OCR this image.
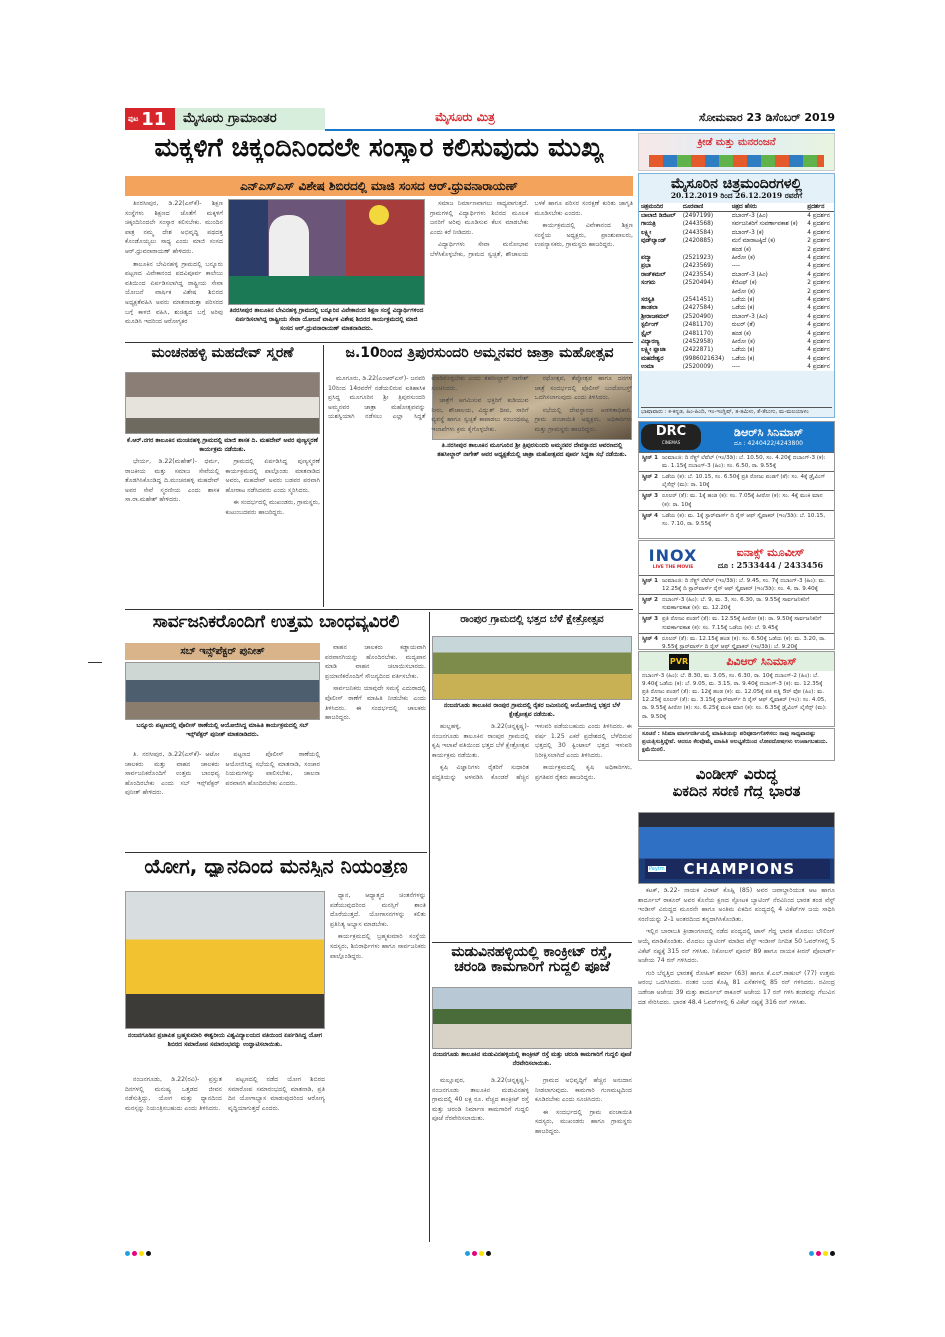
ಪುಟ 11	ಮೈಸೂರು ಗ್ರಾಮಾಂತರ	ಮೈಸೂರು ಮಿತ್ರ	ಸೋಮವಾರ 23 ಡಿಸೆಂಬರ್ 2019
ಮಕ್ಕಳಿಗೆ ಚಿಕ್ಕಂದಿನಿಂದಲೇ ಸಂಸ್ಕಾರ ಕಲಿಸುವುದು ಮುಖ್ಯ
ಎನ್‌ಎಸ್‌ಎಸ್ ವಿಶೇಷ ಶಿಬಿರದಲ್ಲಿ ಮಾಜಿ ಸಂಸದ ಆರ್.ಧ್ರುವನಾರಾಯಣ್

ತಿನರಸೀಪುರ, ಡಿ.22(ಎಸ್‌ಕೆ)- ಶಿಕ್ಷಣ ಸಂಸ್ಥೆಗಳು ಶಿಕ್ಷಣದ ಜೊತೆಗೆ ಮಕ್ಕಳಿಗೆ ಚಿಕ್ಕಂದಿನಿಂದಲೇ ಸಂಸ್ಕಾರ ಕಲಿಸಬೇಕು. ಮುಂದಿನ ಪಾತ್ರ ನಮ್ಮ ದೇಶ ಅಭಿವೃದ್ಧಿ ಪಥದತ್ತ ಕೊಂಡೊಯ್ಯಲು ಸಾಧ್ಯ ಎಂದು ಮಾಜಿ ಸಂಸದ ಆರ್.ಧ್ರುವನಾರಾಯಣ್ ಹೇಳಿದರು.

ತಾಲೂಕಿನ ಬೇವಿನಹಳ್ಳಿ ಗ್ರಾಮದಲ್ಲಿ ಬನ್ನೂರು ಪಟ್ಟಣದ ವಿವೇಕಾನಂದ ಪದವಿಪೂರ್ವ ಕಾಲೇಜು ವತಿಯಿಂದ ಏರ್ಪಡಿಸಲಾಗಿದ್ದ ರಾಷ್ಟ್ರೀಯ ಸೇವಾ ಯೋಜನೆ ವಾರ್ಷಿಕ ವಿಶೇಷ ಶಿಬಿರದ ಅಧ್ಯಕ್ಷತೆವಹಿಸಿ ಅವರು ಮಾತನಾಡುತ್ತಾ ಪರಿಸರದ ಬಗ್ಗೆ ಕಾಳಜಿ ವಹಿಸಿ, ಶುಚಿತ್ವದ ಬಗ್ಗೆ ಅರಿವು ಮೂಡಿಸಿ ಇದರಿಂದ ಆರೋಗ್ಯಕರ

ತಿನರಸೀಪುರ ತಾಲೂಕಿನ ಬೇವಿನಹಳ್ಳಿ ಗ್ರಾಮದಲ್ಲಿ ಬನ್ನೂರಿನ ವಿವೇಕಾನಂದ ಶಿಕ್ಷಣ ಸಂಸ್ಥೆ ವಿದ್ಯಾರ್ಥಿಗಳಿಂದ ಏರ್ಪಡಿಸಲಾಗಿದ್ದ ರಾಷ್ಟ್ರೀಯ ಸೇವಾ ಯೋಜನೆ ವಾರ್ಷಿಕ ವಿಶೇಷ ಶಿಬಿರದ ಕಾರ್ಯಕ್ರಮದಲ್ಲಿ ಮಾಜಿ ಸಂಸದ ಆರ್.ಧ್ರುವನಾರಾಯಣ್ ಮಾತನಾಡಿದರು.

ಸಮಾಜ ನಿರ್ಮಾಣವಾಗಲು ಸಾಧ್ಯವಾಗುತ್ತದೆ. ಗ್ರಾಮಗಳಲ್ಲಿ ವಿದ್ಯಾರ್ಥಿಗಳು ಶಿಬಿರದ ಮೂಲಕ ಜನರಿಗೆ ಅರಿವು ಮೂಡಿಸುವ ಕೆಲಸ ಮಾಡಬೇಕು ಎಂದು ಕರೆ ನೀಡಿದರು.

ವಿದ್ಯಾರ್ಥಿಗಳು ಸೇವಾ ಮನೋಭಾವ ಬೆಳೆಸಿಕೊಳ್ಳಬೇಕು, ಗ್ರಾಮದ ಸ್ವಚ್ಛತೆ, ಶೌಚಾಲಯ ಬಳಕೆ ಹಾಗೂ ಪರಿಸರ ಸಂರಕ್ಷಣೆ ಕುರಿತು ಜಾಗೃತಿ ಮೂಡಿಸಬೇಕು ಎಂದರು.

ಕಾರ್ಯಕ್ರಮದಲ್ಲಿ ವಿವೇಕಾನಂದ ಶಿಕ್ಷಣ ಸಂಸ್ಥೆಯ ಅಧ್ಯಕ್ಷರು, ಪ್ರಾಂಶುಪಾಲರು, ಉಪನ್ಯಾಸಕರು, ಗ್ರಾಮಸ್ಥರು ಹಾಜರಿದ್ದರು.

ಮಂಚನಹಳ್ಳಿ ಮಹದೇವ್ ಸ್ಮರಣೆ
ಕೆ.ಆರ್.ನಗರ ತಾಲೂಕಿನ ಮಂಚನಹಳ್ಳಿ ಗ್ರಾಮದಲ್ಲಿ ಮಾಜಿ ಶಾಸಕ ದಿ. ಮಹದೇವ್ ಅವರ ಪುಣ್ಯಸ್ಮರಣೆ ಕಾರ್ಯಕ್ರಮ ನಡೆಯಿತು.

ಭೇರ್ಯ, ಡಿ.22(ಮಹೇಶ್)- ಧರ್ಮ, ರಾಜಕೀಯ ಮತ್ತು ಸಮಾಜ ಸೇವೆಯಲ್ಲಿ ತೊಡಗಿಸಿಕೊಂಡಿದ್ದ ದಿ.ಮಂಚನಹಳ್ಳಿ ಮಹದೇವ್ ಅವರ ಸೇವೆ ಸ್ಮರಣೀಯ ಎಂದು ಶಾಸಕ ಸಾ.ರಾ.ಮಹೇಶ್ ಹೇಳಿದರು.

ಗ್ರಾಮದಲ್ಲಿ ಏರ್ಪಡಿಸಿದ್ದ ಪುಣ್ಯಸ್ಮರಣೆ ಕಾರ್ಯಕ್ರಮದಲ್ಲಿ ಪಾಲ್ಗೊಂಡು ಮಾತನಾಡಿದ ಅವರು, ಮಹದೇವ್ ಅವರು ಬಡವರ ಪರವಾಗಿ ಹೋರಾಟ ನಡೆಸಿದವರು ಎಂದು ಸ್ಮರಿಸಿದರು.

ಈ ಸಂದರ್ಭದಲ್ಲಿ ಮುಖಂಡರು, ಗ್ರಾಮಸ್ಥರು, ಕುಟುಂಬದವರು ಹಾಜರಿದ್ದರು.

ಜ.10ರಿಂದ ತ್ರಿಪುರಸುಂದರಿ ಅಮ್ಮನವರ ಜಾತ್ರಾ ಮಹೋತ್ಸವ
ತಿ.ನರಸೀಪುರ ತಾಲೂಕಿನ ಮೂಗೂರಿನ ಶ್ರೀ ತ್ರಿಪುರಸುಂದರಿ ಅಮ್ಮನವರ ದೇವಸ್ಥಾನದ ಆವರಣದಲ್ಲಿ ತಹಸೀಲ್ದಾರ್ ನಾಗೇಶ್ ಅವರ ಅಧ್ಯಕ್ಷತೆಯಲ್ಲಿ ಜಾತ್ರಾ ಮಹೋತ್ಸವದ ಪೂರ್ವ ಸಿದ್ಧತಾ ಸಭೆ ನಡೆಯಿತು.

ಮೂಗೂರು, ಡಿ.22(ಎಂಆರ್‌ಎಸ್)- ಜನವರಿ 10ರಿಂದ 14ರವರೆಗೆ ನಡೆಯಲಿರುವ ಐತಿಹಾಸಿಕ ಪ್ರಸಿದ್ಧ ಮೂಗೂರಿನ ಶ್ರೀ ತ್ರಿಪುರಸುಂದರಿ ಅಮ್ಮನವರ ಜಾತ್ರಾ ಮಹೋತ್ಸವವನ್ನು ಯಶಸ್ವಿಯಾಗಿ ನಡೆಸಲು ಎಲ್ಲಾ ಸಿದ್ಧತೆ ಮಾಡಿಕೊಳ್ಳಬೇಕು ಎಂದು ತಹಸೀಲ್ದಾರ್ ನಾಗೇಶ್ ಸೂಚಿಸಿದರು.

ಜಾತ್ರೆಗೆ ಆಗಮಿಸುವ ಭಕ್ತರಿಗೆ ಕುಡಿಯುವ ನೀರು, ಶೌಚಾಲಯ, ವಿದ್ಯುತ್ ದೀಪ, ಸಾರಿಗೆ ವ್ಯವಸ್ಥೆ ಹಾಗೂ ಸ್ವಚ್ಛತೆ ಕಾಪಾಡಲು ಸಂಬಂಧಪಟ್ಟ ಇಲಾಖೆಗಳು ಕ್ರಮ ಕೈಗೊಳ್ಳಬೇಕು.

ರಥೋತ್ಸವ, ತೆಪ್ಪೋತ್ಸವ ಹಾಗೂ ದನಗಳ ಜಾತ್ರೆ ಸಂದರ್ಭದಲ್ಲಿ ಪೊಲೀಸ್ ಬಂದೋಬಸ್ತ್ ಒದಗಿಸಲಾಗುವುದು ಎಂದು ತಿಳಿಸಿದರು.

ಸಭೆಯಲ್ಲಿ ದೇವಸ್ಥಾನದ ಆಡಳಿತಾಧಿಕಾರಿ, ಗ್ರಾಮ ಪಂಚಾಯಿತಿ ಅಧ್ಯಕ್ಷರು, ಅಧಿಕಾರಿಗಳು ಮತ್ತು ಗ್ರಾಮಸ್ಥರು ಹಾಜರಿದ್ದರು.

ಸಾರ್ವಜನಿಕರೊಂದಿಗೆ ಉತ್ತಮ ಬಾಂಧವ್ಯವಿರಲಿ
ಸಬ್ ಇನ್ಸ್‌ಪೆಕ್ಟರ್ ಪುನೀತ್
ಬನ್ನೂರು ಪಟ್ಟಣದಲ್ಲಿ ಪೊಲೀಸ್ ಠಾಣೆಯಲ್ಲಿ ಆಯೋಜಿಸಿದ್ದ ಮಾಹಿತಿ ಕಾರ್ಯಕ್ರಮದಲ್ಲಿ ಸಬ್ ಇನ್ಸ್‌ಪೆಕ್ಟರ್ ಪುನೀತ್ ಮಾತನಾಡಿದರು.

ತಿ. ನರಸೀಪುರ, ಡಿ.22(ಎಸ್‌ಕೆ)- ಆಟೋ ಚಾಲಕರು ಮತ್ತು ವಾಹನ ಚಾಲಕರು ಸಾರ್ವಜನಿಕರೊಂದಿಗೆ ಉತ್ತಮ ಬಾಂಧವ್ಯ ಹೊಂದಿರಬೇಕು ಎಂದು ಸಬ್ ಇನ್ಸ್‌ಪೆಕ್ಟರ್ ಪುನೀತ್ ಹೇಳಿದರು.

ಪಟ್ಟಣದ ಪೊಲೀಸ್ ಠಾಣೆಯಲ್ಲಿ ಆಯೋಜಿಸಿದ್ದ ಸಭೆಯಲ್ಲಿ ಮಾತನಾಡಿ, ಸಂಚಾರ ನಿಯಮಗಳನ್ನು ಪಾಲಿಸಬೇಕು, ಚಾಲನಾ ಪರವಾನಗಿ ಹೊಂದಿರಬೇಕು ಎಂದರು.

ವಾಹನ ಚಾಲಕರು ಕಡ್ಡಾಯವಾಗಿ ಪರವಾನಗಿಯನ್ನು ಹೊಂದಿರಬೇಕು. ಮದ್ಯಪಾನ ಮಾಡಿ ವಾಹನ ಚಲಾಯಿಸಬಾರದು. ಪ್ರಯಾಣಿಕರೊಂದಿಗೆ ಸೌಜನ್ಯದಿಂದ ವರ್ತಿಸಬೇಕು.

ಸಾರ್ವಜನಿಕರು ಯಾವುದೇ ಸಮಸ್ಯೆ ಎದುರಾದಲ್ಲಿ ಪೊಲೀಸ್ ಠಾಣೆಗೆ ಮಾಹಿತಿ ನೀಡಬೇಕು ಎಂದು ತಿಳಿಸಿದರು. ಈ ಸಂದರ್ಭದಲ್ಲಿ ಚಾಲಕರು ಹಾಜರಿದ್ದರು.

ರಾಂಪುರ ಗ್ರಾಮದಲ್ಲಿ ಭತ್ತದ ಬೆಳೆ ಕ್ಷೇತ್ರೋತ್ಸವ
ನಂಜನಗೂಡು ತಾಲೂಕಿನ ರಾಂಪುರ ಗ್ರಾಮದಲ್ಲಿ ರೈತರ ಜಮೀನಿನಲ್ಲಿ ಆಯೋಜಿಸಿದ್ದ ಭತ್ತದ ಬೆಳೆ ಕ್ಷೇತ್ರೋತ್ಸವ ನಡೆಯಿತು.

ಹುಲ್ಲಹಳ್ಳಿ, ಡಿ.22(ಚನ್ನಕೃಷ್ಣ)- ನಂಜನಗೂಡು ತಾಲೂಕಿನ ರಾಂಪುರ ಗ್ರಾಮದಲ್ಲಿ ಕೃಷಿ ಇಲಾಖೆ ವತಿಯಿಂದ ಭತ್ತದ ಬೆಳೆ ಕ್ಷೇತ್ರೋತ್ಸವ ಕಾರ್ಯಕ್ರಮ ನಡೆಯಿತು.

ಕೃಷಿ ವಿಜ್ಞಾನಿಗಳು ರೈತರಿಗೆ ಸುಧಾರಿತ ಪದ್ಧತಿಯನ್ನು ಅಳವಡಿಸಿ ಕೊಂಡರೆ ಹೆಚ್ಚಿನ ಇಳುವರಿ ಪಡೆಯಬಹುದು ಎಂದು ತಿಳಿಸಿದರು. ಈ ವರ್ಷ 1.25 ಎಕರೆ ಪ್ರದೇಶದಲ್ಲಿ ಬೆಳೆದಿರುವ ಭತ್ತದಲ್ಲಿ 30 ಕ್ವಿಂಟಾಲ್ ಭತ್ತದ ಇಳುವರಿ ನಿರೀಕ್ಷಿಸಲಾಗಿದೆ ಎಂದು ತಿಳಿಸಿದರು.

ಕಾರ್ಯಕ್ರಮದಲ್ಲಿ ಕೃಷಿ ಅಧಿಕಾರಿಗಳು, ಪ್ರಗತಿಪರ ರೈತರು ಹಾಜರಿದ್ದರು.

ಯೋಗ, ಧ್ಯಾನದಿಂದ ಮನಸ್ಸಿನ ನಿಯಂತ್ರಣ
ನಂಜನಗೂಡಿನ ಪ್ರಜಾಪಿತ ಬ್ರಹ್ಮಕುಮಾರಿ ಈಶ್ವರೀಯ ವಿಶ್ವವಿದ್ಯಾಲಯದ ವತಿಯಿಂದ ಏರ್ಪಡಿಸಿದ್ದ ಯೋಗ ಶಿಬಿರದ ಸಮಾರೋಪ ಸಮಾರಂಭವನ್ನು ಉದ್ಘಾಟಿಸಲಾಯಿತು.

ನಂಜನಗೂಡು, ಡಿ.22(ರವಿ)- ಪ್ರಸ್ತುತ ದಿನಗಳಲ್ಲಿ ಮನುಷ್ಯ ಒತ್ತಡದ ಜೀವನ ನಡೆಸುತ್ತಿದ್ದು, ಯೋಗ ಮತ್ತು ಧ್ಯಾನದಿಂದ ಮನಸ್ಸನ್ನು ನಿಯಂತ್ರಿಸಬಹುದು ಎಂದು ತಿಳಿಸಿದರು.

ಪಟ್ಟಣದಲ್ಲಿ ನಡೆದ ಯೋಗ ಶಿಬಿರದ ಸಮಾರೋಪ ಸಮಾರಂಭದಲ್ಲಿ ಮಾತನಾಡಿ, ಪ್ರತಿ ದಿನ ಯೋಗಾಭ್ಯಾಸ ಮಾಡುವುದರಿಂದ ಆರೋಗ್ಯ ವೃದ್ಧಿಯಾಗುತ್ತದೆ ಎಂದರು.

ಧ್ಯಾನ, ಆಧ್ಯಾತ್ಮದ ಚಿಂತನೆಗಳನ್ನು ಪಡೆಯುವುದರಿಂದ ಮನಸ್ಸಿಗೆ ಶಾಂತಿ ದೊರೆಯುತ್ತದೆ. ಯೋಗಾಸನಗಳನ್ನು ಕಲಿತು ಪ್ರತಿನಿತ್ಯ ಅಭ್ಯಾಸ ಮಾಡಬೇಕು.

ಕಾರ್ಯಕ್ರಮದಲ್ಲಿ ಬ್ರಹ್ಮಕುಮಾರಿ ಸಂಸ್ಥೆಯ ಸದಸ್ಯರು, ಶಿಬಿರಾರ್ಥಿಗಳು ಹಾಗೂ ಸಾರ್ವಜನಿಕರು ಪಾಲ್ಗೊಂಡಿದ್ದರು.	ಮಡುವಿನಹಳ್ಳಿಯಲ್ಲಿ ಕಾಂಕ್ರೀಟ್ ರಸ್ತೆ,
ಚರಂಡಿ ಕಾಮಗಾರಿಗೆ ಗುದ್ದಲಿ ಪೂಜೆ
ನಂಜನಗೂಡು ತಾಲೂಕಿನ ಮಡುವಿನಹಳ್ಳಿಯಲ್ಲಿ ಕಾಂಕ್ರೀಟ್ ರಸ್ತೆ ಮತ್ತು ಚರಂಡಿ ಕಾಮಗಾರಿಗೆ ಗುದ್ದಲಿ ಪೂಜೆ ನೆರವೇರಿಸಲಾಯಿತು.

ಮಲ್ಲೂಪುರ, ಡಿ.22(ಚನ್ನಕೃಷ್ಣ)- ನಂಜನಗೂಡು ತಾಲೂಕಿನ ಮಡುವಿನಹಳ್ಳಿ ಗ್ರಾಮದಲ್ಲಿ 40 ಲಕ್ಷ ರೂ. ವೆಚ್ಚದ ಕಾಂಕ್ರೀಟ್ ರಸ್ತೆ ಮತ್ತು ಚರಂಡಿ ನಿರ್ಮಾಣ ಕಾಮಗಾರಿಗೆ ಗುದ್ದಲಿ ಪೂಜೆ ನೆರವೇರಿಸಲಾಯಿತು.

ಗ್ರಾಮದ ಅಭಿವೃದ್ಧಿಗೆ ಹೆಚ್ಚಿನ ಅನುದಾನ ನೀಡಲಾಗುವುದು. ಕಾಮಗಾರಿ ಗುಣಮಟ್ಟದಿಂದ ಕೂಡಿರಬೇಕು ಎಂದು ಸೂಚಿಸಿದರು.

ಈ ಸಂದರ್ಭದಲ್ಲಿ ಗ್ರಾಮ ಪಂಚಾಯಿತಿ ಸದಸ್ಯರು, ಮುಖಂಡರು ಹಾಗೂ ಗ್ರಾಮಸ್ಥರು ಹಾಜರಿದ್ದರು.

ಕ್ರೀಡೆ ಮತ್ತು ಮನರಂಜನೆ
ಮೈಸೂರಿನ ಚಿತ್ರಮಂದಿರಗಳಲ್ಲಿ
20.12.2019 ರಿಂದ 26.12.2019 ರವರೆಗೆ
ಚಿತ್ರಮಂದಿರ	ದೂರವಾಣಿ	ಚಿತ್ರದ ಹೆಸರು	ಪ್ರದರ್ಶನ
ಬಾಲಾಜಿ ಡಿಜಿಟಲ್	(2497199)	ದಬಾಂಗ್-3 (ಹಿಂ)	4 ಪ್ರದರ್ಶನ
ಗಾಯತ್ರಿ	(2443568)	ಸರ್ವಜನಿಕರಿಗೆ ಸುವರ್ಣಾವಕಾಶ (ಕ)	4 ಪ್ರದರ್ಶನ
ಲಕ್ಷ್ಮೀ	(2443584)	ದಬಾಂಗ್-3 (ಕ)	4 ಪ್ರದರ್ಶನ
ವುಡ್‌ಲ್ಯಾಂಡ್	(2420885)	ಮನೆ ಮಾರಾಟಕ್ಕಿದೆ (ಕ)	2 ಪ್ರದರ್ಶನ
		ಹಂಡ (ಕ)	2 ಪ್ರದರ್ಶನ
ಪದ್ಮಾ	(2521923)	ಹೀರೋ (ಕ)	4 ಪ್ರದರ್ಶನ
ಪ್ರಭಾ	(2423569)	----	4 ಪ್ರದರ್ಶನ
ರಾಜ್‌ಕಮಲ್	(2423554)	ದಬಾಂಗ್-3 (ಹಿಂ)	4 ಪ್ರದರ್ಶನ
ಸಂಗಮ	(2520494)	ಕೆಜಿಎಫ್ (ಕ)	2 ಪ್ರದರ್ಶನ
		ಹೀರೋ (ಕ)	2 ಪ್ರದರ್ಶನ
ಸರಸ್ವತಿ	(2541451)	ಒಡೆಯ (ಕ)	4 ಪ್ರದರ್ಶನ
ಶಾಂತಲಾ	(2427584)	ಒಡೆಯ (ಕ)	4 ಪ್ರದರ್ಶನ
ಶ್ರೀರಾಜಕಮಲ್	(2520490)	ದಬಾಂಗ್-3 (ಹಿಂ)	4 ಪ್ರದರ್ಶನ
ಸ್ಟರ್ಲಿಂಗ್	(2481170)	ರುಲರ್ (ತೆ)	4 ಪ್ರದರ್ಶನ
ಸ್ಟೈಲ್	(2481170)	ಹಂಡ (ಕ)	4 ಪ್ರದರ್ಶನ
ವಿದ್ಯಾರಣ್ಯ	(2452958)	ಹೀರೋ (ಕ)	4 ಪ್ರದರ್ಶನ
ಲಕ್ಷ್ಮೀ ಪ್ಲಾಜಾ	(2422871)	ಒಡೆಯ (ಕ)	4 ಪ್ರದರ್ಶನ
ಮಹದೇಶ್ವರ	(9986021634)	ಒಡೆಯ (ಕ)	4 ಪ್ರದರ್ಶನ
ಉಮಾ	(2520009)	----	4 ಪ್ರದರ್ಶನ
ಭಾಷಾವಾರು : ಕ-ಕನ್ನಡ, ಹಿಂ-ಹಿಂದಿ, ಇಂ-ಇಂಗ್ಲಿಷ್, ತ-ತಮಿಳು, ತೆ-ತೆಲುಗು, ಮ-ಮಲಯಾಳಂ
DRC
CINEMAS
ಡಿಆರ್‌ಸಿ ಸಿನಿಮಾಸ್
ದೂ : 4240422/4243800
ಸ್ಕ್ರೀನ್ 1 ಜುಮಾಂಜಿ: ದಿ ನೆಕ್ಸ್ಟ್ ಲೆವೆಲ್ (ಇಂ/3ಡಿ): ಬೆ. 10.50, ಸಂ. 4.20ಕ್ಕೆ ದಬಾಂಗ್-3 (ಕ): ಮ. 1.15ಕ್ಕೆ ದಬಾಂಗ್-3 (ಹಿಂ): ಸಂ. 6.50, ರಾ. 9.55ಕ್ಕೆ
ಸ್ಕ್ರೀನ್ 2 ಒಡೆಯ (ಕ): ಬೆ. 10.15, ಸಂ. 6.50ಕ್ಕೆ ಪ್ರತಿ ರೋಜು ಪಂಡಗೆ (ತೆ): ಸಂ. 4ಕ್ಕೆ ಡ್ರೈವಿಂಗ್ ಲೈಸೆನ್ಸ್ (ಮ): ರಾ. 10ಕ್ಕೆ
ಸ್ಕ್ರೀನ್ 3 ರೂಲರ್ (ತೆ): ಮ. 1ಕ್ಕೆ ಹಂಡ (ಕ): ಸಂ. 7.05ಕ್ಕೆ ಹೀರೋ (ಕ): ಸಂ. 4ಕ್ಕೆ ಮಂಕಿ ಮಾನ (ಕ): ರಾ. 10ಕ್ಕೆ
ಸ್ಕ್ರೀನ್ 4 ಒಡೆಯ (ಕ): ಮ. 1ಕ್ಕೆ ಸ್ಟಾರ್‌ವಾರ್ಸ್ ದಿ ರೈಸ್ ಆಫ್ ಸ್ಕೈವಾಕರ್ (ಇಂ/3ಡಿ): ಬೆ. 10.15, ಸಂ. 7.10, ರಾ. 9.55ಕ್ಕೆ
INOX
LIVE THE MOVIE
ಐನಾಕ್ಸ್ ಮೂವೀಸ್
ದೂ : 2533444 / 2433456
ಸ್ಕ್ರೀನ್ 1 ಜುಮಾಂಜಿ: ದಿ ನೆಕ್ಸ್ಟ್ ಲೆವೆಲ್ (ಇಂ/3ಡಿ): ಬೆ. 9.45, ಸಂ. 7ಕ್ಕೆ ದಬಾಂಗ್-3 (ಹಿಂ): ಮ. 12.25ಕ್ಕೆ ದಿ ಸ್ಟಾರ್‌ವಾರ್ಸ್ ರೈಸ್ ಆಫ್ ಸ್ಕೈವಾಕರ್ (ಇಂ/3ಡಿ): ಸಂ. 4, ರಾ. 9.40ಕ್ಕೆ
ಸ್ಕ್ರೀನ್ 2 ದಬಾಂಗ್-3 (ಹಿಂ): ಬೆ. 9, ಮ. 3, ಸಂ. 6.30, ರಾ. 9.55ಕ್ಕೆ ಸಾರ್ವಜನಿಕರಿಗೆ ಸುವರ್ಣಾವಕಾಶ (ಕ): ಮ. 12.20ಕ್ಕೆ
ಸ್ಕ್ರೀನ್ 3 ಪ್ರತಿ ರೋಜು ಪಂಡಗೆ (ತೆ): ಮ. 12.55ಕ್ಕೆ ಹೀರೋ (ಕ): ರಾ. 9.50ಕ್ಕೆ ಸಾರ್ವಜನಿಕರಿಗೆ ಸುವರ್ಣಾವಕಾಶ (ಕ): ಸಂ. 7.15ಕ್ಕೆ ಒಡೆಯ (ಕ): ಬೆ. 9.45ಕ್ಕೆ
ಸ್ಕ್ರೀನ್ 4 ರೂಲರ್ (ತೆ): ಮ. 12.15ಕ್ಕೆ ಹಂಡ (ಕ): ಸಂ. 6.50ಕ್ಕೆ ಒಡೆಯ (ಕ): ಮ. 3.20, ರಾ. 9.55ಕ್ಕೆ ಸ್ಟಾರ್‌ವಾರ್ಸ್ ದಿ ರೈಸ್ ಆಫ್ ಸ್ಕೈವಾಕರ್ (ಇಂ/3ಡಿ): ಬೆ. 9.20ಕ್ಕೆ
PVR	ಪಿವಿಆರ್ ಸಿನಿಮಾಸ್
ದಬಾಂಗ್-3 (ಹಿಂ): ಬೆ. 8.30, ಮ. 3.05, ಸಂ. 6.30, ರಾ. 10ಕ್ಕೆ ದಬಾಂಗ್-2 (ಹಿಂ): ಬೆ. 9.40ಕ್ಕೆ ಒಡೆಯ (ಕ): ಬೆ. 9.05, ಮ. 3.15, ರಾ. 9.40ಕ್ಕೆ ದಬಾಂಗ್-3 (ಕ): ಮ. 12.35ಕ್ಕೆ ಪ್ರತಿ ರೋಜು ಪಂಡಗೆ (ತೆ): ಮ. 12ಕ್ಕೆ ಹಂಡ (ಕ): ಮ. 12.05ಕ್ಕೆ ಪತಿ ಪತ್ನಿ ಔರ್ ವೋ (ಹಿಂ): ಮ. 12.25ಕ್ಕೆ ರೂಲರ್ (ತೆ): ಮ. 3.15ಕ್ಕೆ ಸ್ಟಾರ್‌ವಾರ್ಸ್ ದಿ ರೈಸ್ ಆಫ್ ಸ್ಕೈವಾಕರ್ (ಇಂ): ಸಂ. 4.05, ರಾ. 9.55ಕ್ಕೆ ಹೀರೋ (ಕ): ಸಂ. 6.25ಕ್ಕೆ ಮಂಕಿ ಮಾನ (ಕ): ಸಂ. 6.35ಕ್ಕೆ ಡ್ರೈವಿಂಗ್ ಲೈಸೆನ್ಸ್ (ಮ): ರಾ. 9.50ಕ್ಕೆ
ಸೂಚನೆ : ಸಿನಿಮಾ ಮಾರ್ಗದರ್ಶಿಯಲ್ಲಿ ಮಾಹಿತಿಯನ್ನು ಪರಿಪೂರ್ಣಗೊಳಿಸಲು ನಾವು ಸಾಧ್ಯವಾದಷ್ಟು ಪ್ರಯತ್ನಿಸುತ್ತಿದ್ದೇವೆ. ಆದರೂ ಕೆಲವೊಮ್ಮೆ ಮಾಹಿತಿ ಅಲಭ್ಯತೆಯಿಂದ ಲೋಪದೋಷಗಳು ಉಂಟಾಗಬಹುದು. ಕ್ಷಮೆಯಿರಲಿ.
ವಿಂಡೀಸ್ ವಿರುದ್ಧ
ಏಕದಿನ ಸರಣಿ ಗೆದ್ದ ಭಾರತ
Paytm CHAMPIONS

ಕಟಕ್, ಡಿ.22- ನಾಯಕ ವಿರಾಟ್ ಕೊಹ್ಲಿ (85) ಅವರ ಜವಾಬ್ದಾರಿಯುತ ಆಟ ಹಾಗೂ ಶಾರ್ದೂಲ್ ಠಾಕೂರ್ ಅವರ ಕೊನೆಯ ಕ್ಷಣದ ಸ್ಫೋಟಕ ಬ್ಯಾಟಿಂಗ್ ನೆರವಿನಿಂದ ಭಾರತ ತಂಡ ವೆಸ್ಟ್ ಇಂಡೀಸ್ ವಿರುದ್ಧದ ಮೂರನೇ ಹಾಗೂ ಅಂತಿಮ ಏಕದಿನ ಪಂದ್ಯದಲ್ಲಿ 4 ವಿಕೆಟ್‌ಗಳ ಜಯ ಸಾಧಿಸಿ ಸರಣಿಯನ್ನು 2-1 ಅಂತರದಿಂದ ತನ್ನದಾಗಿಸಿಕೊಂಡಿತು.

ಇಲ್ಲಿನ ಬಾರಾಬತಿ ಕ್ರೀಡಾಂಗಣದಲ್ಲಿ ನಡೆದ ಪಂದ್ಯದಲ್ಲಿ ಟಾಸ್ ಗೆದ್ದ ಭಾರತ ಮೊದಲು ಬೌಲಿಂಗ್ ಆಯ್ಕೆ ಮಾಡಿಕೊಂಡಿತು. ಮೊದಲು ಬ್ಯಾಟಿಂಗ್ ಮಾಡಿದ ವೆಸ್ಟ್ ಇಂಡೀಸ್ ನಿಗದಿತ 50 ಓವರ್‌ಗಳಲ್ಲಿ 5 ವಿಕೆಟ್ ನಷ್ಟಕ್ಕೆ 315 ರನ್ ಗಳಿಸಿತು. ನಿಕೋಲಸ್ ಪೂರನ್ 89 ಹಾಗೂ ನಾಯಕ ಕೀರನ್ ಪೊಲಾರ್ಡ್ ಅಜೇಯ 74 ರನ್ ಗಳಿಸಿದರು.

ಗುರಿ ಬೆನ್ನತ್ತಿದ ಭಾರತಕ್ಕೆ ರೋಹಿತ್ ಶರ್ಮಾ (63) ಹಾಗೂ ಕೆ.ಎಲ್.ರಾಹುಲ್ (77) ಉತ್ತಮ ಆರಂಭ ಒದಗಿಸಿದರು. ನಂತರ ಬಂದ ಕೊಹ್ಲಿ 81 ಎಸೆತಗಳಲ್ಲಿ 85 ರನ್ ಗಳಿಸಿದರು. ರವೀಂದ್ರ ಜಡೇಜಾ ಅಜೇಯ 39 ಮತ್ತು ಶಾರ್ದೂಲ್ ಠಾಕೂರ್ ಅಜೇಯ 17 ರನ್ ಗಳಿಸಿ ತಂಡವನ್ನು ಗೆಲುವಿನ ದಡ ಸೇರಿಸಿದರು. ಭಾರತ 48.4 ಓವರ್‌ಗಳಲ್ಲಿ 6 ವಿಕೆಟ್ ನಷ್ಟಕ್ಕೆ 316 ರನ್ ಗಳಿಸಿತು.
